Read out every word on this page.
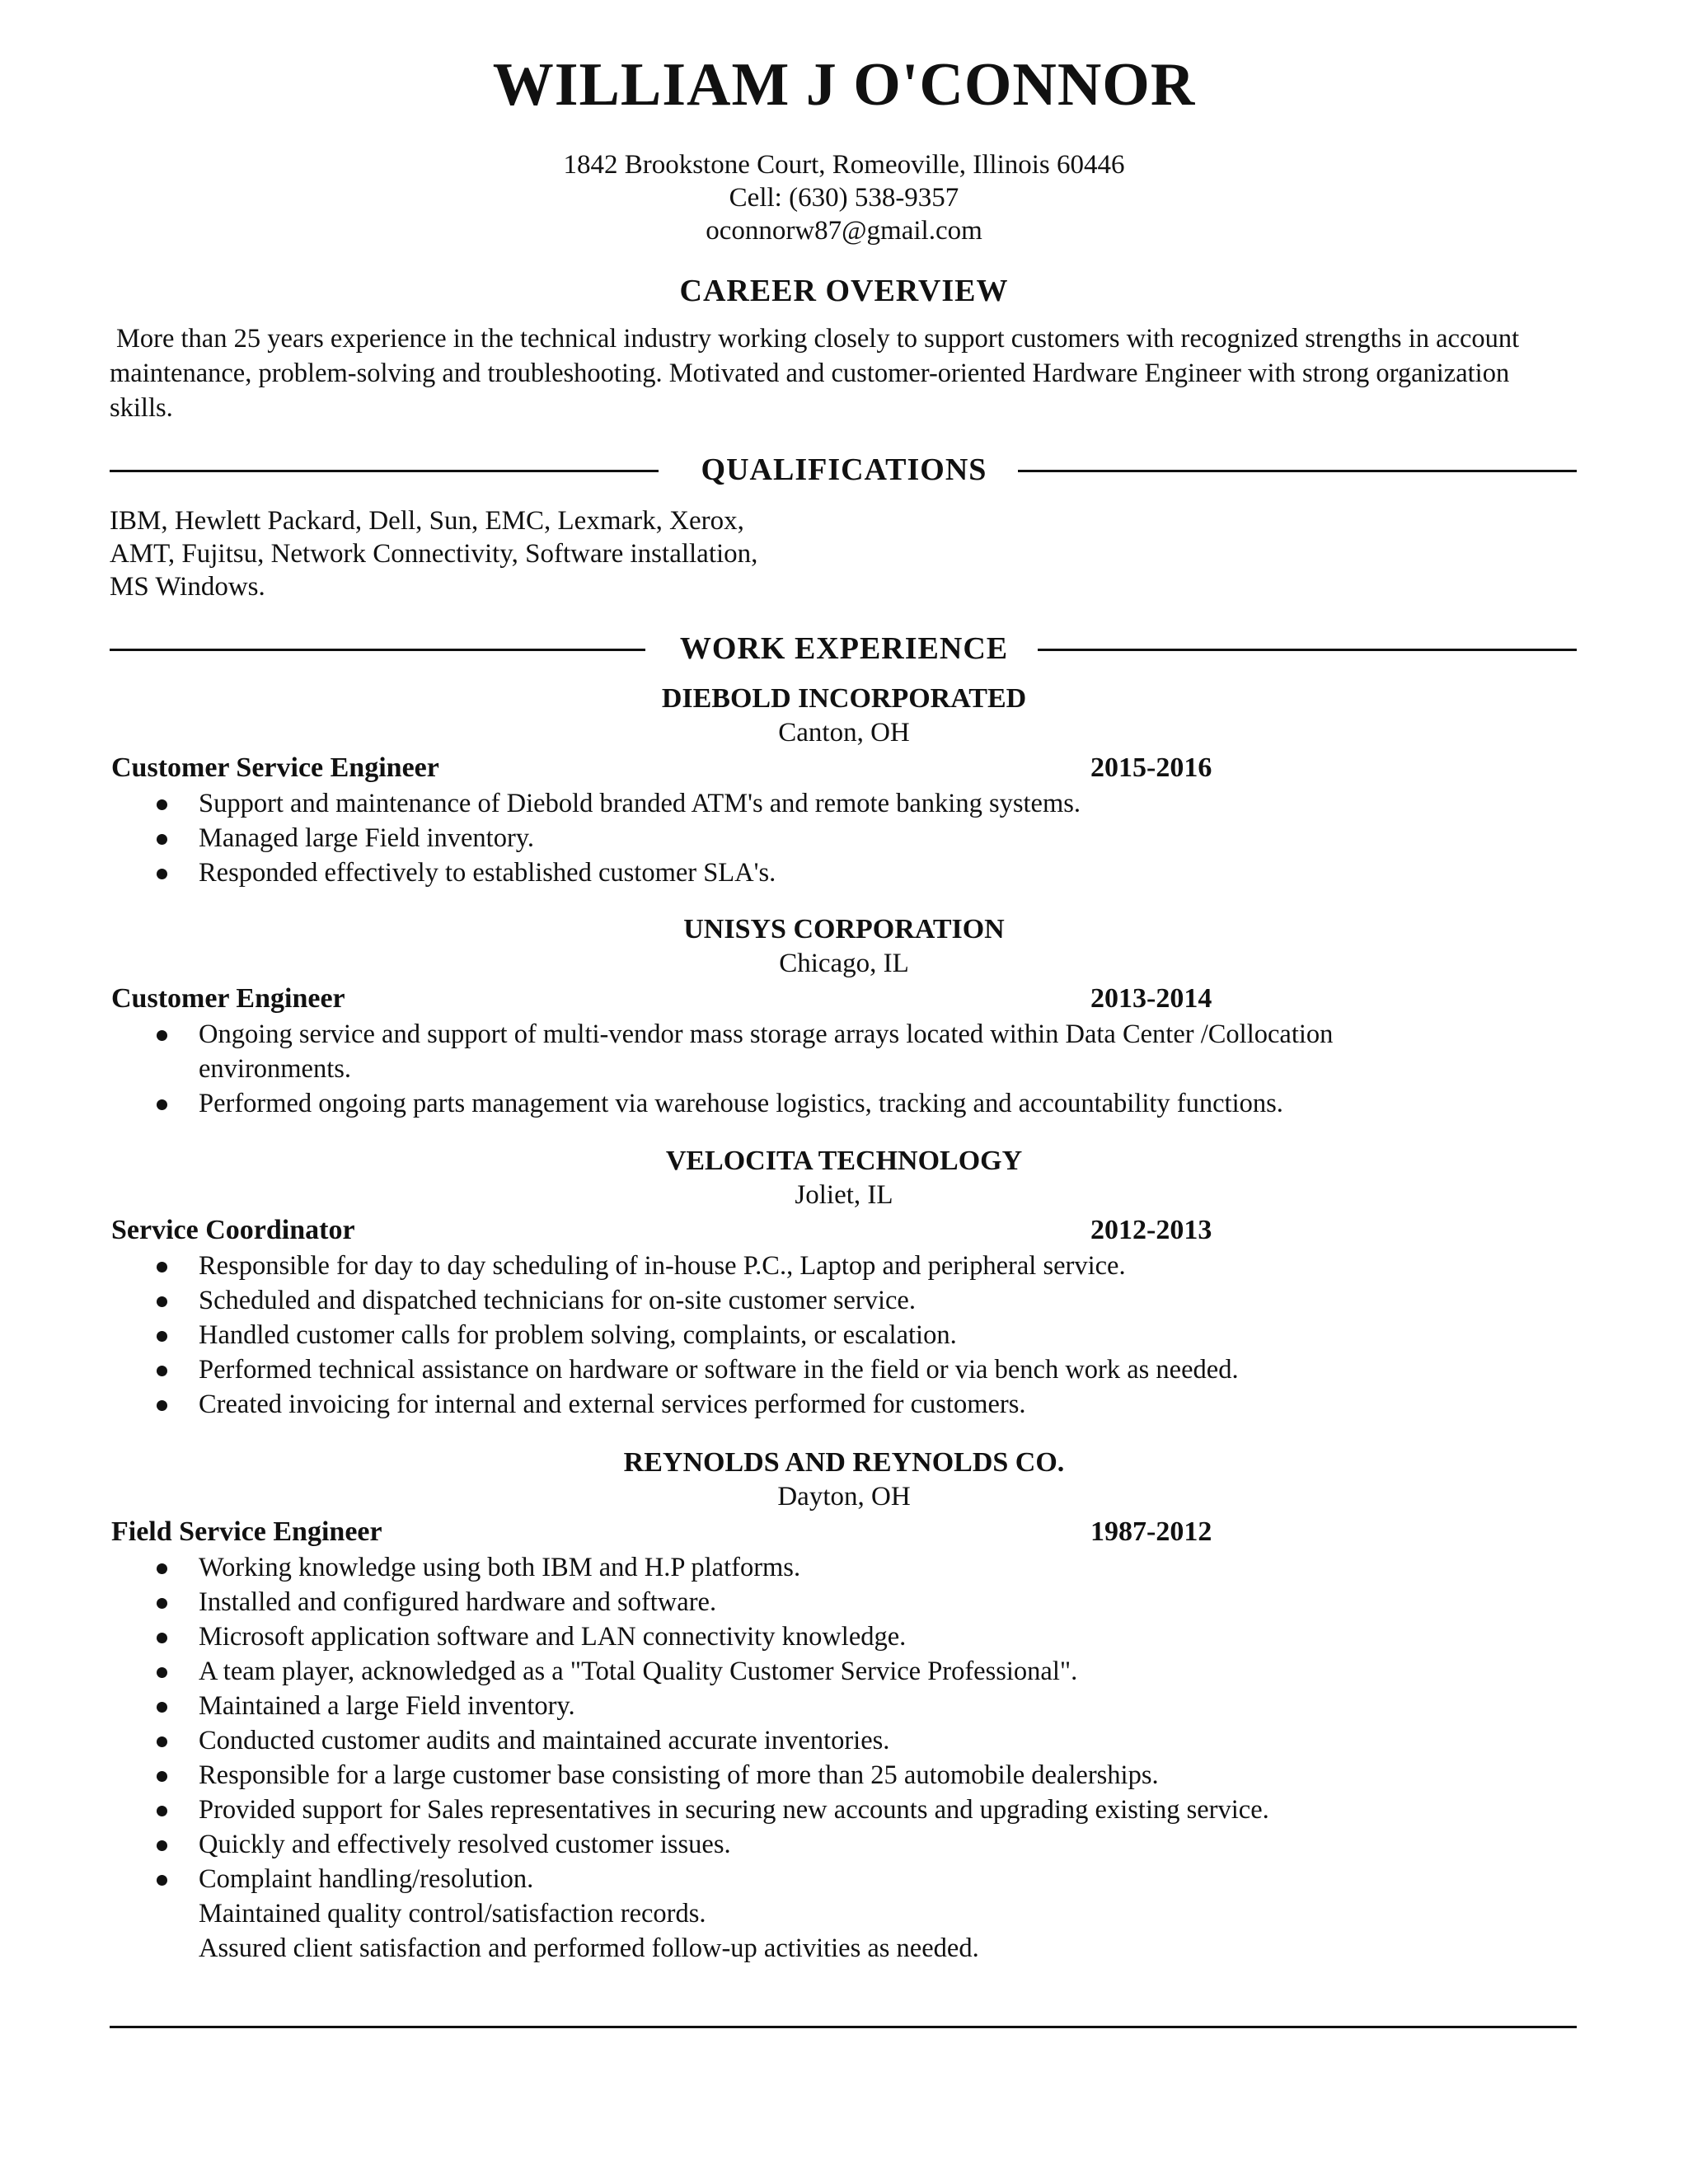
WILLIAM J O'CONNOR
1842 Brookstone Court, Romeoville, Illinois 60446
Cell: (630) 538-9357
oconnorw87@gmail.com
CAREER OVERVIEW

More than 25 years experience in the technical industry working closely to support customers with recognized strengths in account maintenance, problem-solving and troubleshooting. Motivated and customer-oriented Hardware Engineer with strong organization skills.

QUALIFICATIONS
IBM, Hewlett Packard, Dell, Sun, EMC, Lexmark, Xerox,
AMT, Fujitsu, Network Connectivity, Software installation,
MS Windows.
WORK EXPERIENCE
DIEBOLD INCORPORATED
Canton, OH
Customer Service Engineer	2015-2016
Support and maintenance of Diebold branded ATM's and remote banking systems.
Managed large Field inventory.
Responded effectively to established customer SLA's.
UNISYS CORPORATION
Chicago, IL
Customer Engineer	2013-2014
Ongoing service and support of multi-vendor mass storage arrays located within Data Center /Collocation environments.
Performed ongoing parts management via warehouse logistics, tracking and accountability functions.
VELOCITA TECHNOLOGY
Joliet, IL
Service Coordinator	2012-2013
Responsible for day to day scheduling of in-house P.C., Laptop and peripheral service.
Scheduled and dispatched technicians for on-site customer service.
Handled customer calls for problem solving, complaints, or escalation.
Performed technical assistance on hardware or software in the field or via bench work as needed.
Created invoicing for internal and external services performed for customers.
REYNOLDS AND REYNOLDS CO.
Dayton, OH
Field Service Engineer	1987-2012
Working knowledge using both IBM and H.P platforms.
Installed and configured hardware and software.
Microsoft application software and LAN connectivity knowledge.
A team player, acknowledged as a "Total Quality Customer Service Professional".
Maintained a large Field inventory.
Conducted customer audits and maintained accurate inventories.
Responsible for a large customer base consisting of more than 25 automobile dealerships.
Provided support for Sales representatives in securing new accounts and upgrading existing service.
Quickly and effectively resolved customer issues.
Complaint handling/resolution.
Maintained quality control/satisfaction records.
Assured client satisfaction and performed follow-up activities as needed.
